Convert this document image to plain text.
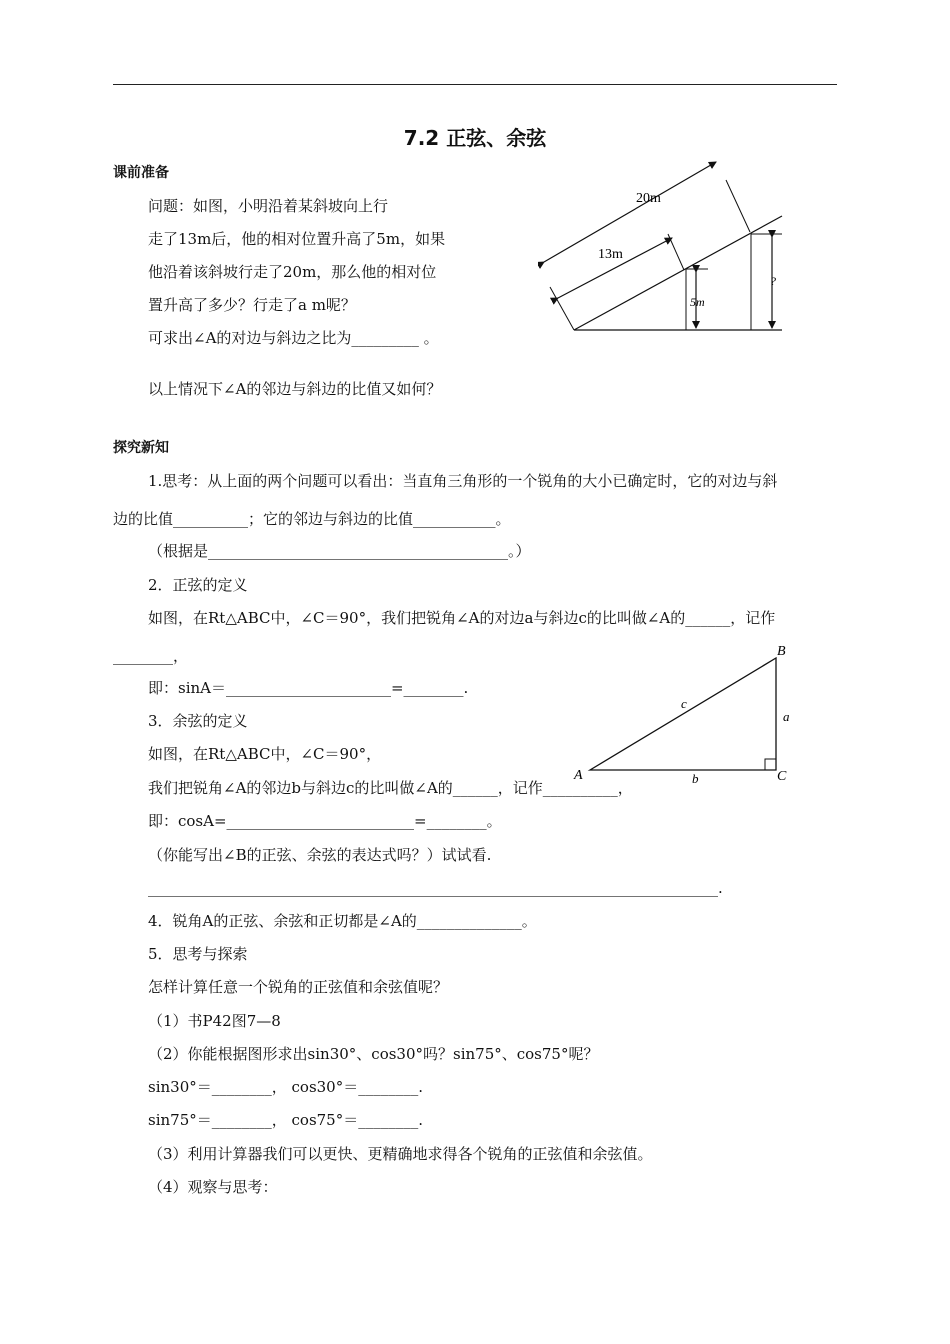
7.2 正弦、余弦
课前准备
问题：如图，小明沿着某斜坡向上行
走了13m后，他的相对位置升高了5m，如果
他沿着该斜坡行走了20m，那么他的相对位
置升高了多少？行走了a m呢？
可求出∠A的对边与斜边之比为_________ 。
以上情况下∠A的邻边与斜边的比值又如何？
20m
13m
5m
?
探究新知
1.思考：从上面的两个问题可以看出：当直角三角形的一个锐角的大小已确定时，它的对边与斜
边的比值__________；它的邻边与斜边的比值___________。
（根据是________________________________________。）
2．正弦的定义
如图，在Rt△ABC中，∠C＝90°，我们把锐角∠A的对边a与斜边c的比叫做∠A的______，记作
________，
即：sinA＝______________________=________.
3．余弦的定义
如图，在Rt△ABC中，∠C＝90°，
我们把锐角∠A的邻边b与斜边c的比叫做∠A的______，记作__________，
即：cosA=_________________________=________。
（你能写出∠B的正弦、余弦的表达式吗？）试试看.
____________________________________________________________________________.
4．锐角A的正弦、余弦和正切都是∠A的______________。
5．思考与探索
怎样计算任意一个锐角的正弦值和余弦值呢？
（1）书P42图7—8
（2）你能根据图形求出sin30°、cos30°吗？sin75°、cos75°呢？
sin30°＝________， cos30°＝________.
sin75°＝________， cos75°＝________.
（3）利用计算器我们可以更快、更精确地求得各个锐角的正弦值和余弦值。
（4）观察与思考：
A
B
C
a
b
c
